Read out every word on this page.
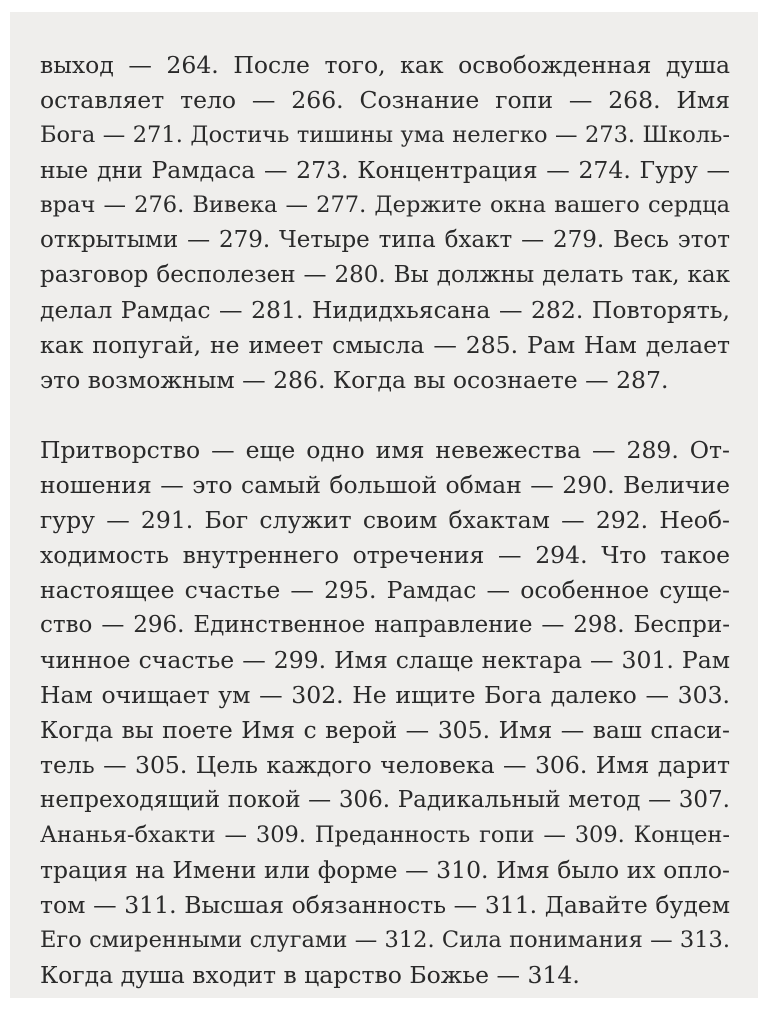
выход — 264. После того, как освобожденная душа
оставляет тело — 266. Сознание гопи — 268. Имя
Бога — 271. Достичь тишины ума нелегко — 273. Школь-
ные дни Рамдаса — 273. Концентрация — 274. Гуру —
врач — 276. Вивека — 277. Держите окна вашего сердца
открытыми — 279. Четыре типа бхакт — 279. Весь этот
разговор бесполезен — 280. Вы должны делать так, как
делал Рамдас — 281. Нидидхьясана — 282. Повторять,
как попугай, не имеет смысла — 285. Рам Нам делает
это возможным — 286. Когда вы осознаете — 287.
Притворство — еще одно имя невежества — 289. От-
ношения — это самый большой обман — 290. Величие
гуру — 291. Бог служит своим бхактам — 292. Необ-
ходимость внутреннего отречения — 294. Что такое
настоящее счастье — 295. Рамдас — особенное суще-
ство — 296. Единственное направление — 298. Беспри-
чинное счастье — 299. Имя слаще нектара — 301. Рам
Нам очищает ум — 302. Не ищите Бога далеко — 303.
Когда вы поете Имя с верой — 305. Имя — ваш спаси-
тель — 305. Цель каждого человека — 306. Имя дарит
непреходящий покой — 306. Радикальный метод — 307.
Ананья-бхакти — 309. Преданность гопи — 309. Концен-
трация на Имени или форме — 310. Имя было их опло-
том — 311. Высшая обязанность — 311. Давайте будем
Его смиренными слугами — 312. Сила понимания — 313.
Когда душа входит в царство Божье — 314.
